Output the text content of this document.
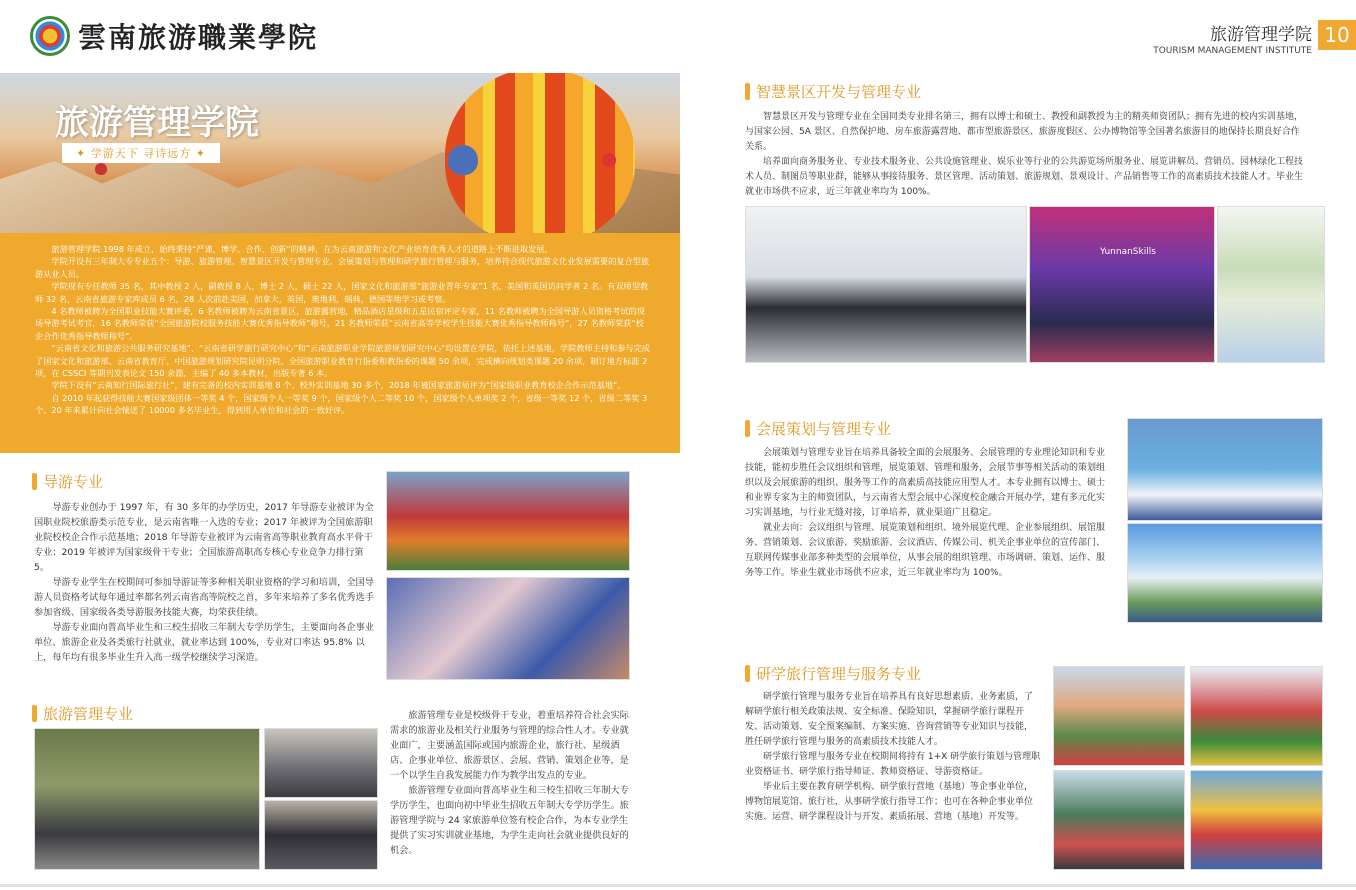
雲南旅游職業學院	旅游管理学院
TOURISM MANAGEMENT INSTITUTE
10
旅游管理学院
✦ 学游天下 寻诗远方 ✦

旅游管理学院 1998 年成立，始终秉持“严谨、博学、合作、创新”的精神，在为云南旅游和文化产业培育优秀人才的道路上不断进取发展。

学院开设有三年制大专专业五个：导游、旅游管理、智慧景区开发与管理专业，会展策划与管理和研学旅行管理与服务，培养符合现代旅游文化业发展需要的复合型旅游从业人员。

学院现有专任教师 35 名，其中教授 2 人，副教授 8 人，博士 2 人，硕士 22 人，国家文化和旅游部“旅游业青年专家”1 名，美国和英国访问学者 2 名。有双师型教师 32 名，云南省旅游专家库成员 6 名，28 人次前赴美国，加拿大，英国，奥地利，瑞典，德国等地学习或考察。

4 名教师被聘为全国职业技能大赛评委，6 名教师被聘为云南省景区，旅游露营地，精品酒店星级和五星民宿评定专家，11 名教师被聘为全国导游人员资格考试的现场导游考试考官，16 名教师荣获“全国旅游院校服务技能大赛优秀指导教师”称号，21 名教师荣获“云南省高等学校学生技能大赛优秀指导教师称号”，27 名教师荣获“校企合作优秀指导教师称号”。

“云南省文化和旅游公共服务研究基地”、“云南省研学旅行研究中心”和“云南旅游职业学院旅游规划研究中心”均设置在学院，依托上述基地，学院教师主持和参与完成了国家文化和旅游部、云南省教育厅、中国旅游规划研究院昆明分院、全国旅游职业教育行指委和教指委的课题 50 余项，完成横向规划类课题 20 余项，制订地方标准 2 项，在 CSSCI 等期刊发表论文 150 余篇，主编了 40 多本教材，出版专著 6 本。

学院下设有“云南知行国际旅行社”，建有完备的校内实训基地 8 个、校外实训基地 30 多个，2018 年被国家旅游局评为“国家级职业教育校企合作示范基地”。

自 2010 年起获得技能大赛国家级团体一等奖 4 个，国家级个人一等奖 9 个，国家级个人二等奖 10 个，国家级个人单项奖 2 个，省级一等奖 12 个，省级二等奖 3 个。20 年来累计向社会输送了 10000 多名毕业生，得到用人单位和社会的一致好评。

导游专业

导游专业创办于 1997 年，有 30 多年的办学历史，2017 年导游专业被评为全国职业院校旅游类示范专业，是云南省唯一入选的专业；2017 年被评为全国旅游职业院校校企合作示范基地；2018 年导游专业被评为云南省高等职业教育高水平骨干专业；2019 年被评为国家级骨干专业；全国旅游高职高专核心专业竞争力排行第 5。

导游专业学生在校期间可参加导游证等多种相关职业资格的学习和培训，全国导游人员资格考试每年通过率都名列云南省高等院校之首，多年来培养了多名优秀选手参加省级、国家级各类导游服务技能大赛，均荣获佳绩。

导游专业面向普高毕业生和三校生招收三年制大专学历学生，主要面向各企事业单位、旅游企业及各类旅行社就业，就业率达到 100%，专业对口率达 95.8% 以上，每年均有很多毕业生升入高一级学校继续学习深造。

旅游管理专业	旅游管理专业是校级骨干专业，着重培养符合社会实际需求的旅游业及相关行业服务与管理的综合性人才。专业就业面广，主要涵盖国际或国内旅游企业，旅行社、星级酒店、企事业单位、旅游景区、会展、营销、策划企业等，是一个以学生自我发展能力作为教学出发点的专业。

旅游管理专业面向普高毕业生和三校生招收三年制大专学历学生，也面向初中毕业生招收五年制大专学历学生。旅游管理学院与 24 家旅游单位签有校企合作，为本专业学生提供了实习实训就业基地，为学生走向社会就业提供良好的机会。

智慧景区开发与管理专业

智慧景区开发与管理专业在全国同类专业排名第三，拥有以博士和硕士、教授和副教授为主的精英师资团队；拥有先进的校内实训基地，与国家公园、5A 景区、自然保护地、房车旅游露营地、都市型旅游景区、旅游度假区、公办博物馆等全国著名旅游目的地保持长期良好合作关系。

培养面向商务服务业、专业技术服务业、公共设施管理业、娱乐业等行业的公共游览场所服务业、展览讲解员、营销员、园林绿化工程技术人员、制图员等职业群，能够从事接待服务、景区管理、活动策划、旅游规划、景观设计、产品销售等工作的高素质技术技能人才。毕业生就业市场供不应求，近三年就业率均为 100%。

YunnanSkills
会展策划与管理专业

会展策划与管理专业旨在培养具备较全面的会展服务、会展管理的专业理论知识和专业技能，能初步胜任会议组织和管理，展览策划、管理和服务，会展节事等相关活动的策划组织以及会展旅游的组织、服务等工作的高素质高技能应用型人才。本专业拥有以博士、硕士和业界专家为主的师资团队，与云南省大型会展中心深度校企融合开展办学，建有多元化实习实训基地，与行业无缝对接，订单培养，就业渠道广且稳定。

就业去向：会议组织与管理、展览策划和组织、境外展览代理、企业参展组织、展馆服务、营销策划、会议旅游、奖励旅游、会议酒店、传媒公司、机关企事业单位的宣传部门、互联网传媒事业部多种类型的会展单位，从事会展的组织管理、市场调研、策划、运作、服务等工作。毕业生就业市场供不应求，近三年就业率均为 100%。

研学旅行管理与服务专业

研学旅行管理与服务专业旨在培养具有良好思想素质、业务素质，了解研学旅行相关政策法规、安全标准、保险知识，掌握研学旅行课程开发、活动策划、安全预案编制、方案实施、咨询营销等专业知识与技能，胜任研学旅行管理与服务的高素质技术技能人才。

研学旅行管理与服务专业在校期间将持有 1+X 研学旅行策划与管理职业资格证书、研学旅行指导师证、教师资格证、导游资格证。

毕业后主要在教育研学机构、研学旅行营地（基地）等企事业单位，博物馆展览馆、旅行社，从事研学旅行指导工作；也可在各种企事业单位实施、运营、研学课程设计与开发、素质拓展、营地（基地）开发等。
